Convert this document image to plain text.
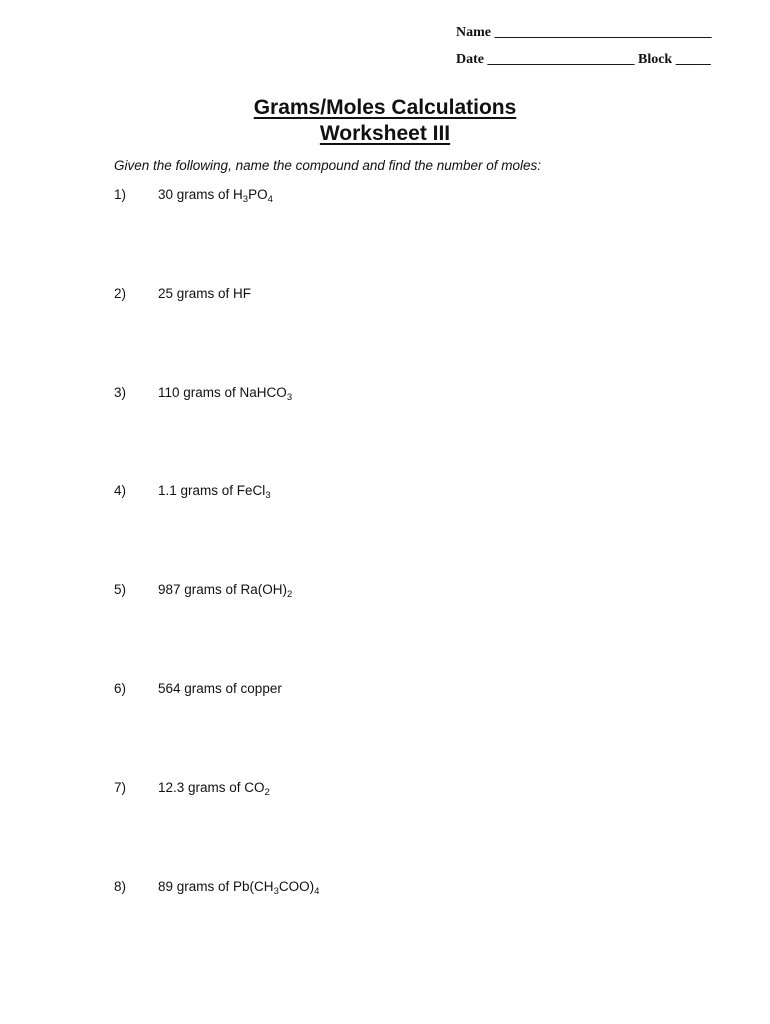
Name _______________________________
Date _____________________ Block _____
Grams/Moles Calculations
Worksheet III
Given the following, name the compound and find the number of moles:
1) 30 grams of $H_3PO_4$
2) 25 grams of HF
3) 110 grams of NaHCO$_3$
4) 1.1 grams of FeCl$_3$
5) 987 grams of $Ra(OH)_2$
6) 564 grams of copper
7) 12.3 grams of $CO_2$
8) 89 grams of $Pb(CH_3COO)_4$
